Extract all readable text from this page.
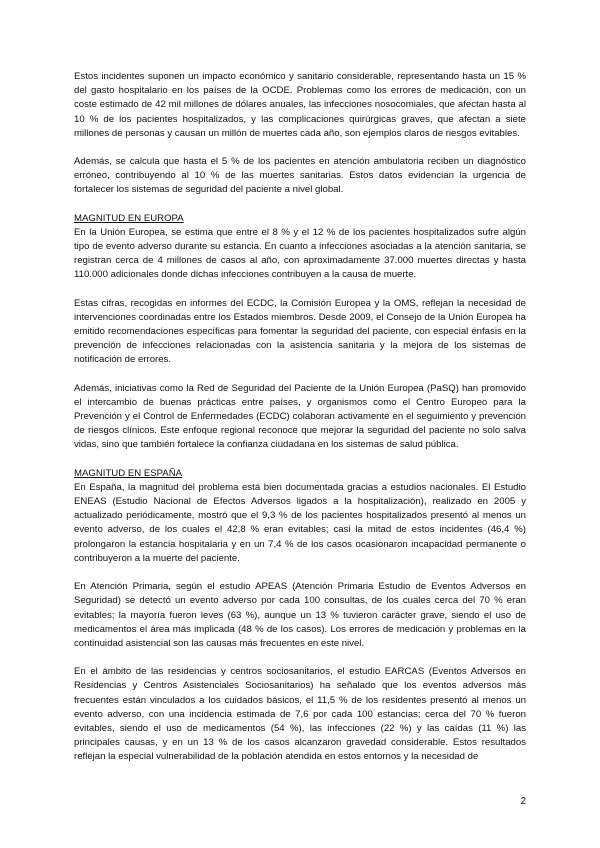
Estos incidentes suponen un impacto económico y sanitario considerable, representando hasta un 15 % del gasto hospitalario en los países de la OCDE. Problemas como los errores de medicación, con un coste estimado de 42 mil millones de dólares anuales, las infecciones nosocomiales, que afectan hasta al 10 % de los pacientes hospitalizados, y las complicaciones quirúrgicas graves, que afectan a siete millones de personas y causan un millón de muertes cada año, son ejemplos claros de riesgos evitables.

Además, se calcula que hasta el 5 % de los pacientes en atención ambulatoria reciben un diagnóstico erróneo, contribuyendo al 10 % de las muertes sanitarias. Estos datos evidencian la urgencia de fortalecer los sistemas de seguridad del paciente a nivel global.

MAGNITUD EN EUROPA

En la Unión Europea, se estima que entre el 8 % y el 12 % de los pacientes hospitalizados sufre algún tipo de evento adverso durante su estancia. En cuanto a infecciones asociadas a la atención sanitaria, se registran cerca de 4 millones de casos al año, con aproximadamente 37.000 muertes directas y hasta 110.000 adicionales donde dichas infecciones contribuyen a la causa de muerte.

Estas cifras, recogidas en informes del ECDC, la Comisión Europea y la OMS, reflejan la necesidad de intervenciones coordinadas entre los Estados miembros. Desde 2009, el Consejo de la Unión Europea ha emitido recomendaciones específicas para fomentar la seguridad del paciente, con especial énfasis en la prevención de infecciones relacionadas con la asistencia sanitaria y la mejora de los sistemas de notificación de errores.

Además, iniciativas como la Red de Seguridad del Paciente de la Unión Europea (PaSQ) han promovido el intercambio de buenas prácticas entre países, y organismos como el Centro Europeo para la Prevención y el Control de Enfermedades (ECDC) colaboran activamente en el seguimiento y prevención de riesgos clínicos. Este enfoque regional reconoce que mejorar la seguridad del paciente no solo salva vidas, sino que también fortalece la confianza ciudadana en los sistemas de salud pública.

MAGNITUD EN ESPAÑA

En España, la magnitud del problema está bien documentada gracias a estudios nacionales. El Estudio ENEAS (Estudio Nacional de Efectos Adversos ligados a la hospitalización), realizado en 2005 y actualizado periódicamente, mostró que el 9,3 % de los pacientes hospitalizados presentó al menos un evento adverso, de los cuales el 42,8 % eran evitables; casi la mitad de estos incidentes (46,4 %) prolongaron la estancia hospitalaria y en un 7,4 % de los casos ocasionaron incapacidad permanente o contribuyeron a la muerte del paciente.

En Atención Primaria, según el estudio APEAS (Atención Primaria Estudio de Eventos Adversos en Seguridad) se detectó un evento adverso por cada 100 consultas, de los cuales cerca del 70 % eran evitables; la mayoría fueron leves (63 %), aunque un 13 % tuvieron carácter grave, siendo el uso de medicamentos el área más implicada (48 % de los casos). Los errores de medicación y problemas en la continuidad asistencial son las causas más frecuentes en este nivel.

En el ámbito de las residencias y centros sociosanitarios, el estudio EARCAS (Eventos Adversos en Residencias y Centros Asistenciales Sociosanitarios) ha señalado que los eventos adversos más frecuentes están vinculados a los cuidados básicos, el 11,5 % de los residentes presentó al menos un evento adverso, con una incidencia estimada de 7,6 por cada 100 estancias; cerca del 70 % fueron evitables, siendo el uso de medicamentos (54 %), las infecciones (22 %) y las caídas (11 %) las principales causas, y en un 13 % de los casos alcanzaron gravedad considerable. Estos resultados reflejan la especial vulnerabilidad de la población atendida en estos entornos y la necesidad de

2
